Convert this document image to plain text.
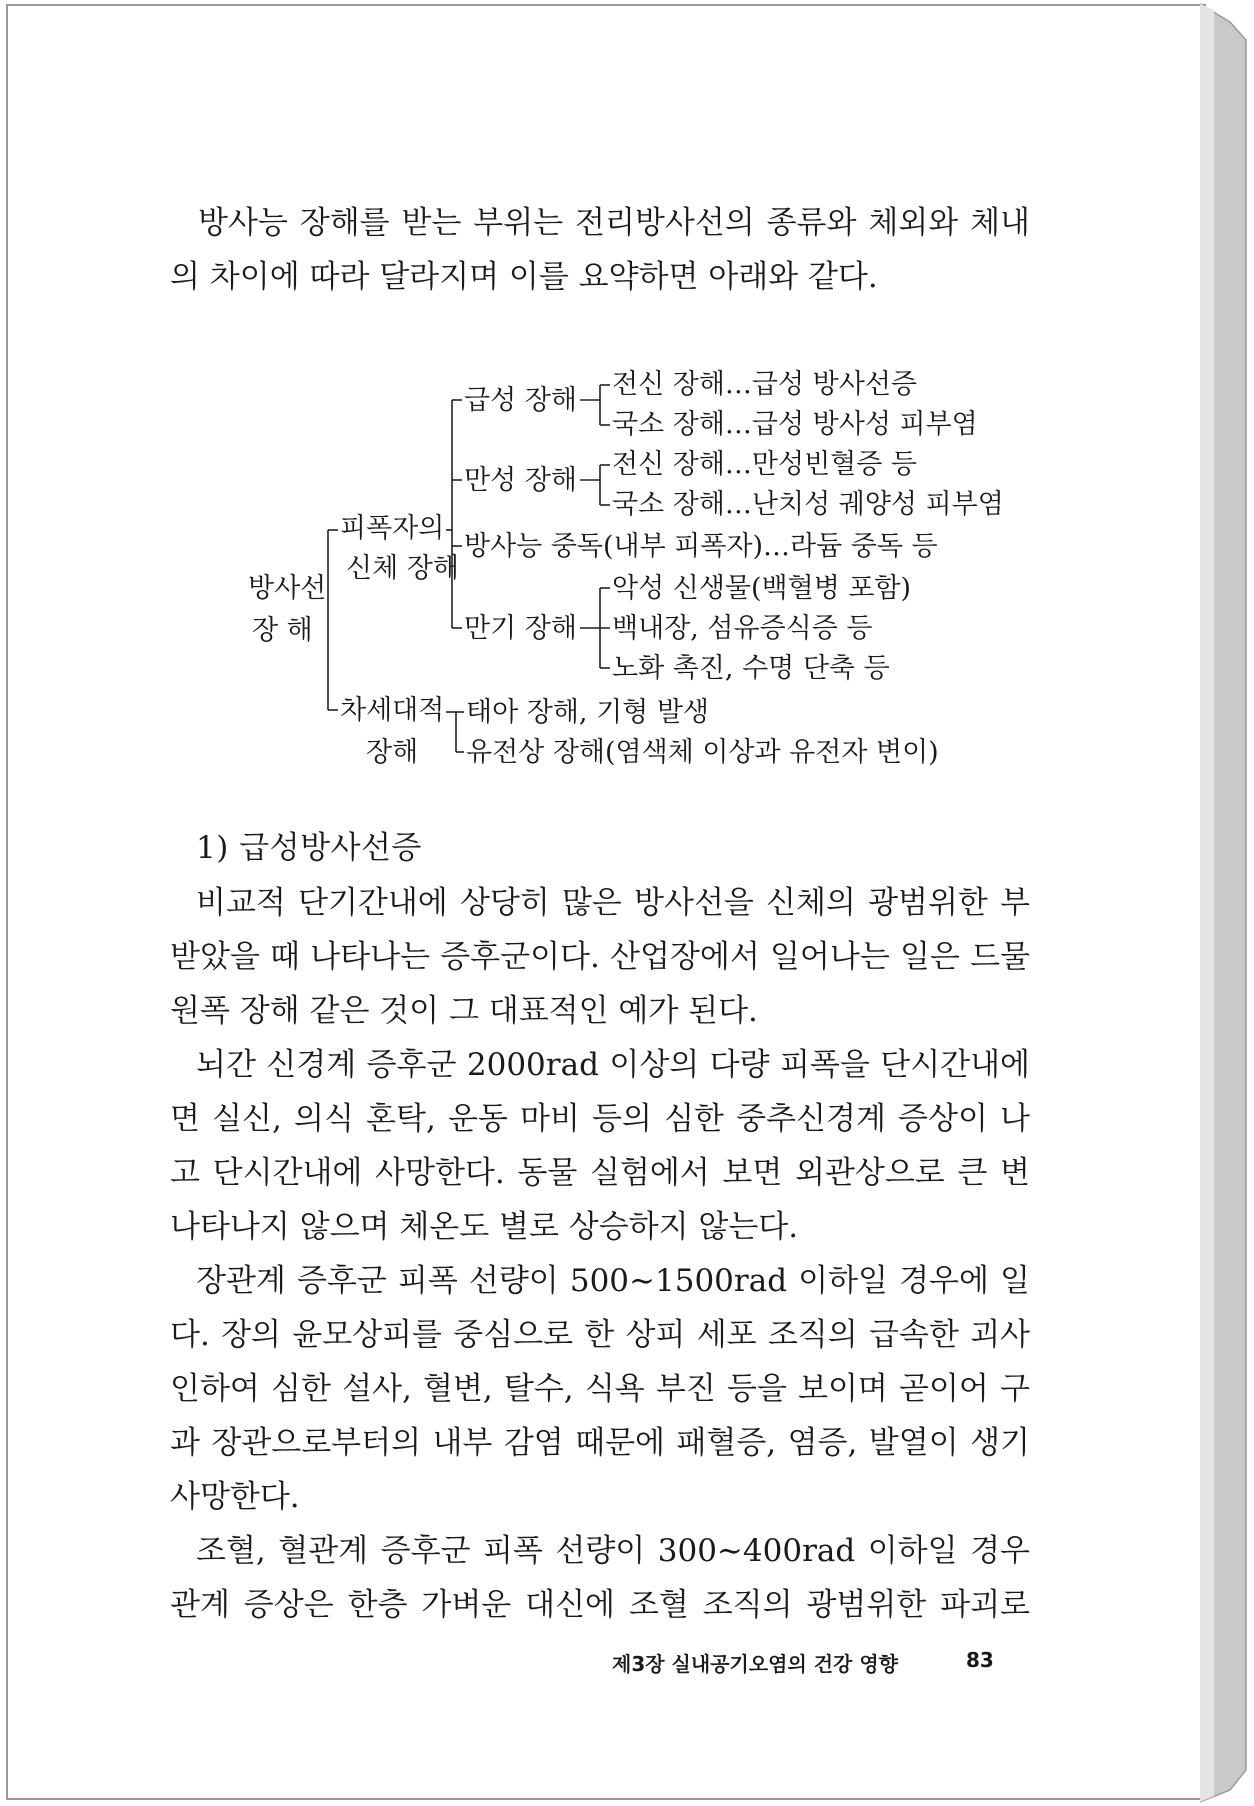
방사능 장해를 받는 부위는 전리방사선의 종류와 체외와 체내
의 차이에 따라 달라지며 이를 요약하면 아래와 같다.
방사선
장 해
피폭자의
신체 장해
차세대적
장해
급성 장해
전신 장해…급성 방사선증
국소 장해…급성 방사성 피부염
만성 장해
전신 장해…만성빈혈증 등
국소 장해…난치성 궤양성 피부염
방사능 중독(내부 피폭자)…라듐 중독 등
만기 장해
악성 신생물(백혈병 포함)
백내장, 섬유증식증 등
노화 촉진, 수명 단축 등
태아 장해, 기형 발생
유전상 장해(염색체 이상과 유전자 변이)
1) 급성방사선증
비교적 단기간내에 상당히 많은 방사선을 신체의 광범위한 부
받았을 때 나타나는 증후군이다. 산업장에서 일어나는 일은 드물
원폭 장해 같은 것이 그 대표적인 예가 된다.
뇌간 신경계 증후군 2000rad 이상의 다량 피폭을 단시간내에
면 실신, 의식 혼탁, 운동 마비 등의 심한 중추신경계 증상이 나
고 단시간내에 사망한다. 동물 실험에서 보면 외관상으로 큰 변
나타나지 않으며 체온도 별로 상승하지 않는다.
장관계 증후군 피폭 선량이 500∼1500rad 이하일 경우에 일
다. 장의 윤모상피를 중심으로 한 상피 세포 조직의 급속한 괴사
인하여 심한 설사, 혈변, 탈수, 식욕 부진 등을 보이며 곧이어 구
과 장관으로부터의 내부 감염 때문에 패혈증, 염증, 발열이 생기
사망한다.
조혈, 혈관계 증후군 피폭 선량이 300∼400rad 이하일 경우
관계 증상은 한층 가벼운 대신에 조혈 조직의 광범위한 파괴로
제3장 실내공기오염의 건강 영향	83
